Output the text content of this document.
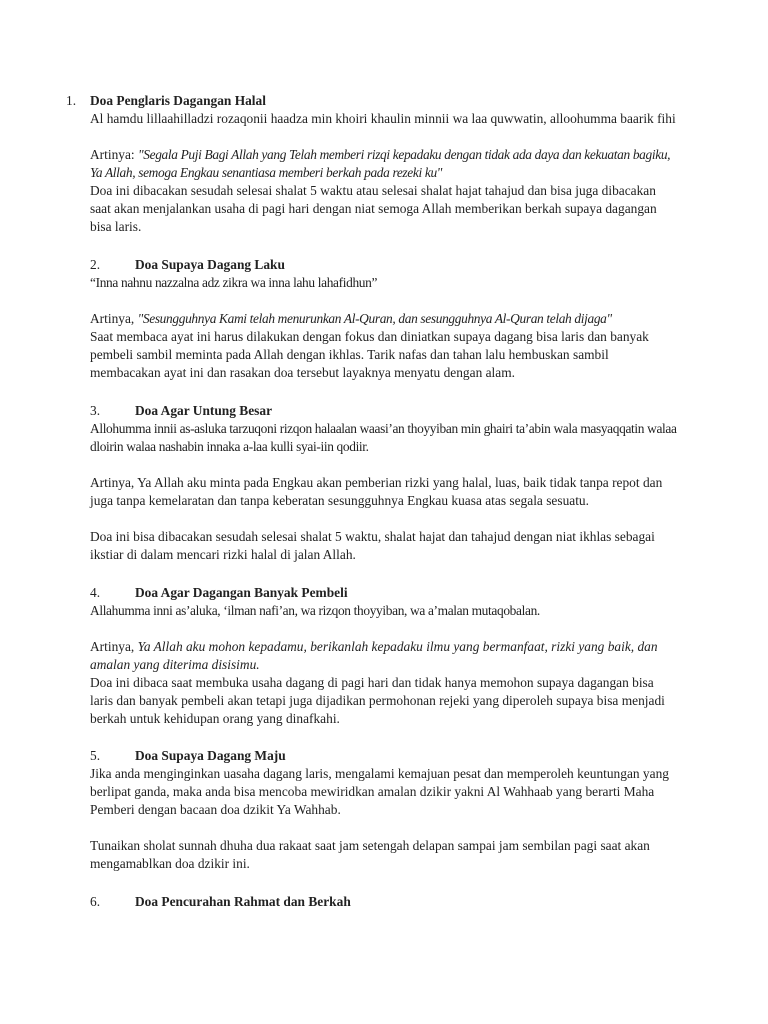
1. Doa Penglaris Dagangan Halal

Al hamdu lillaahilladzi rozaqonii haadza min khoiri khaulin minnii wa laa quwwatin, alloohumma baarik fihi

Artinya: "Segala Puji Bagi Allah yang Telah memberi rizqi kepadaku dengan tidak ada daya dan kekuatan bagiku, Ya Allah, semoga Engkau senantiasa memberi berkah pada rezeki ku"

Doa ini dibacakan sesudah selesai shalat 5 waktu atau selesai shalat hajat tahajud dan bisa juga dibacakan saat akan menjalankan usaha di pagi hari dengan niat semoga Allah memberikan berkah supaya dagangan bisa laris.

2.	Doa Supaya Dagang Laku

“Inna nahnu nazzalna adz zikra wa inna lahu lahafidhun”

Artinya, "Sesungguhnya Kami telah menurunkan Al-Quran, dan sesungguhnya Al-Quran telah dijaga"

Saat membaca ayat ini harus dilakukan dengan fokus dan diniatkan supaya dagang bisa laris dan banyak pembeli sambil meminta pada Allah dengan ikhlas. Tarik nafas dan tahan lalu hembuskan sambil membacakan ayat ini dan rasakan doa tersebut layaknya menyatu dengan alam.

3.	Doa Agar Untung Besar

Allohumma innii as-asluka tarzuqoni rizqon halaalan waasi’an thoyyiban min ghairi ta’abin wala masyaqqatin walaa dloirin walaa nashabin innaka a-laa kulli syai-iin qodiir.

Artinya, Ya Allah aku minta pada Engkau akan pemberian rizki yang halal, luas, baik tidak tanpa repot dan juga tanpa kemelaratan dan tanpa keberatan sesungguhnya Engkau kuasa atas segala sesuatu.

Doa ini bisa dibacakan sesudah selesai shalat 5 waktu, shalat hajat dan tahajud dengan niat ikhlas sebagai ikstiar di dalam mencari rizki halal di jalan Allah.

4.	Doa Agar Dagangan Banyak Pembeli

Allahumma inni as’aluka, ‘ilman nafi’an, wa rizqon thoyyiban, wa a’malan mutaqobalan.

Artinya, Ya Allah aku mohon kepadamu, berikanlah kepadaku ilmu yang bermanfaat, rizki yang baik, dan amalan yang diterima disisimu.

Doa ini dibaca saat membuka usaha dagang di pagi hari dan tidak hanya memohon supaya dagangan bisa laris dan banyak pembeli akan tetapi juga dijadikan permohonan rejeki yang diperoleh supaya bisa menjadi berkah untuk kehidupan orang yang dinafkahi.

5.	Doa Supaya Dagang Maju

Jika anda menginginkan uasaha dagang laris, mengalami kemajuan pesat dan memperoleh keuntungan yang berlipat ganda, maka anda bisa mencoba mewiridkan amalan dzikir yakni Al Wahhaab yang berarti Maha Pemberi dengan bacaan doa dzikit Ya Wahhab.

Tunaikan sholat sunnah dhuha dua rakaat saat jam setengah delapan sampai jam sembilan pagi saat akan mengamablkan doa dzikir ini.

6.	Doa Pencurahan Rahmat dan Berkah
